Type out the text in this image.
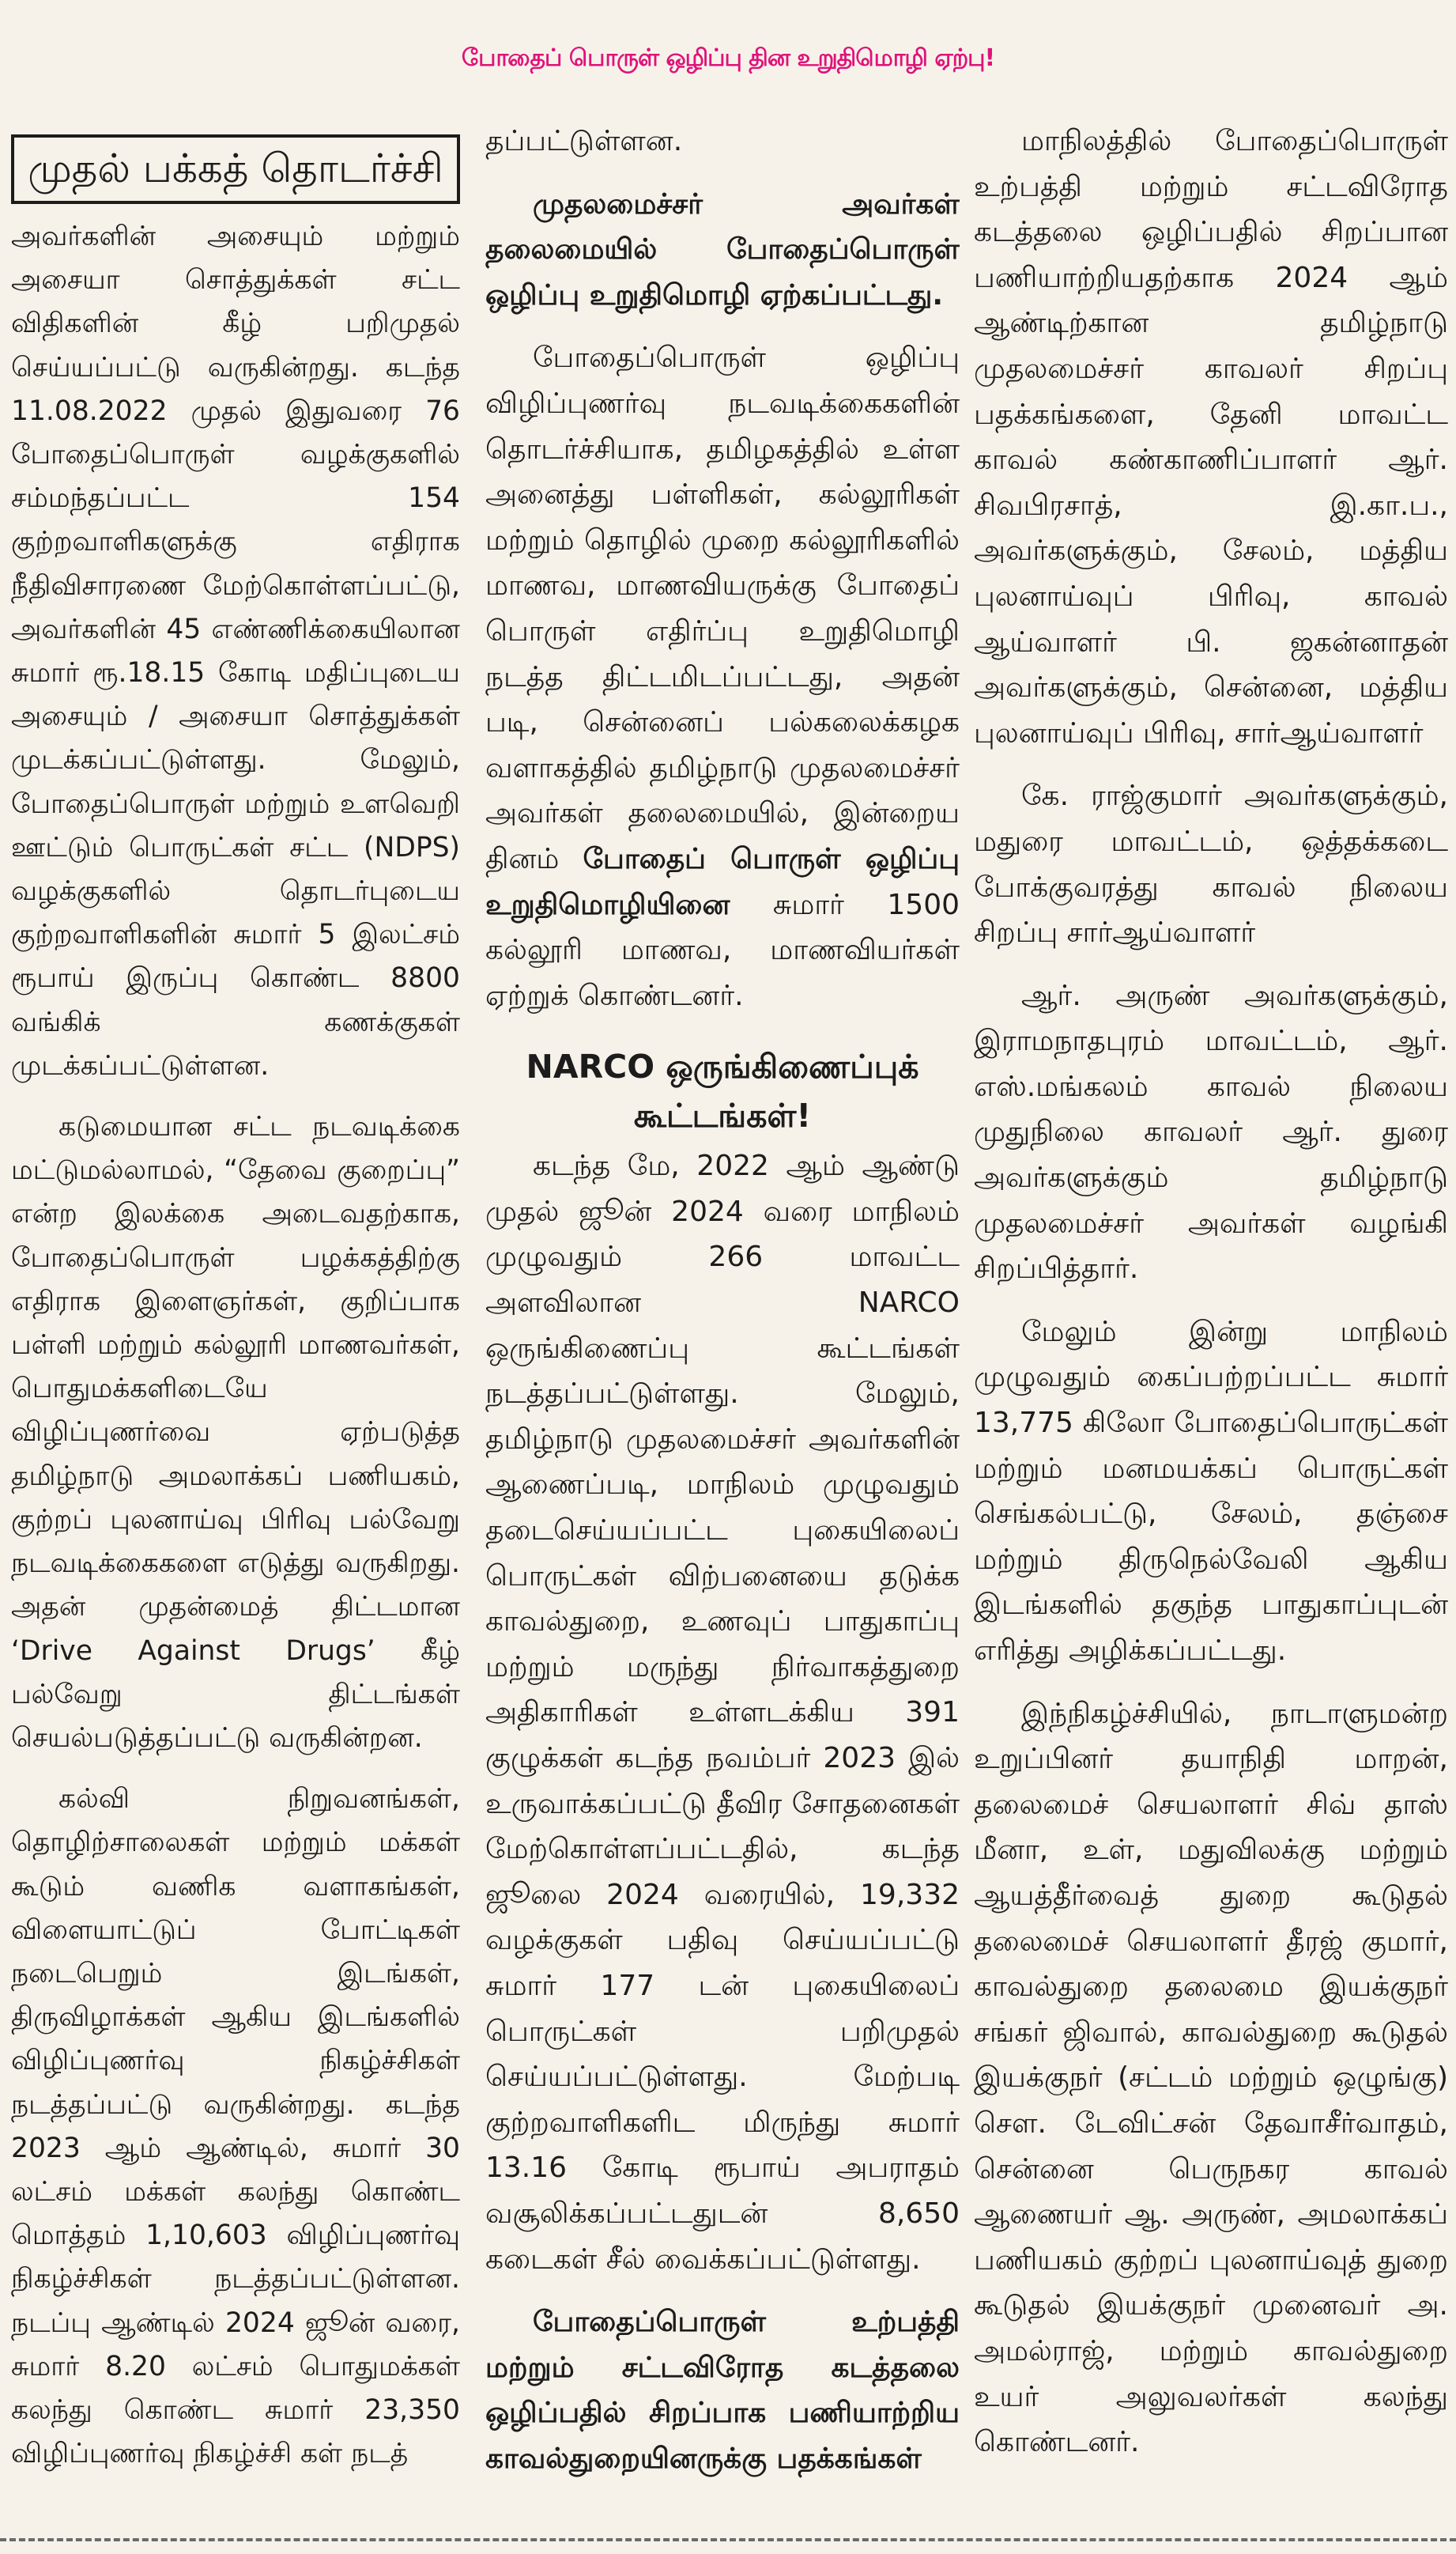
போதைப் பொருள் ஒழிப்பு தின உறுதிமொழி ஏற்பு!
முதல் பக்கத் தொடர்ச்சி

அவர்களின் அசையும் மற்றும் அசையா சொத்துக்கள் சட்ட விதிகளின் கீழ் பறிமுதல் செய்யப்பட்டு வருகின்றது. கடந்த 11.08.2022 முதல் இதுவரை 76 போதைப்பொருள் வழக்குகளில் சம்மந்தப்பட்ட 154 குற்றவாளிகளுக்கு எதிராக நீதிவிசாரணை மேற்கொள்ளப்பட்டு, அவர்களின் 45 எண்ணிக்கையிலான சுமார் ரூ.18.15 கோடி மதிப்புடைய அசையும் / அசையா சொத்துக்கள் முடக்கப்பட்டுள்ளது. மேலும், போதைப்பொருள் மற்றும் உளவெறி ஊட்டும் பொருட்கள் சட்ட (NDPS) வழக்குகளில் தொடர்புடைய குற்றவாளிகளின் சுமார் 5 இலட்சம் ரூபாய் இருப்பு கொண்ட 8800 வங்கிக் கணக்குகள் முடக்கப்பட்டுள்ளன.

கடுமையான சட்ட நடவடிக்கை மட்டுமல்லாமல், “தேவை குறைப்பு” என்ற இலக்கை அடைவதற்காக, போதைப்பொருள் பழக்கத்திற்கு எதிராக இளைஞர்கள், குறிப்பாக பள்ளி மற்றும் கல்லூரி மாணவர்கள், பொதுமக்களிடையே விழிப்புணர்வை ஏற்படுத்த தமிழ்நாடு அமலாக்கப் பணியகம், குற்றப் புலனாய்வு பிரிவு பல்வேறு நடவடிக்கைகளை எடுத்து வருகிறது. அதன் முதன்மைத் திட்டமான ‘Drive Against Drugs’ கீழ் பல்வேறு திட்டங்கள் செயல்படுத்தப்பட்டு வருகின்றன.

கல்வி நிறுவனங்கள், தொழிற்சாலைகள் மற்றும் மக்கள் கூடும் வணிக வளாகங்கள், விளையாட்டுப் போட்டிகள் நடைபெறும் இடங்கள், திருவிழாக்கள் ஆகிய இடங்களில் விழிப்புணர்வு நிகழ்ச்சிகள் நடத்தப்பட்டு வருகின்றது. கடந்த 2023 ஆம் ஆண்டில், சுமார் 30 லட்சம் மக்கள் கலந்து கொண்ட மொத்தம் 1,10,603 விழிப்புணர்வு நிகழ்ச்சிகள் நடத்தப்பட்டுள்ளன. நடப்பு ஆண்டில் 2024 ஜூன் வரை, சுமார் 8.20 லட்சம் பொதுமக்கள் கலந்து கொண்ட சுமார் 23,350 விழிப்புணர்வு நிகழ்ச்சி கள் நடத்

தப்பட்டுள்ளன.

முதலமைச்சர் அவர்கள் தலைமையில் போதைப்பொருள் ஒழிப்பு உறுதிமொழி ஏற்கப்பட்டது.

போதைப்பொருள் ஒழிப்பு விழிப்புணர்வு நடவடிக்கைகளின் தொடர்ச்சியாக, தமிழகத்தில் உள்ள அனைத்து பள்ளிகள், கல்லூரிகள் மற்றும் தொழில் முறை கல்லூரிகளில் மாணவ, மாணவியருக்கு போதைப் பொருள் எதிர்ப்பு உறுதிமொழி நடத்த திட்டமிடப்பட்டது, அதன் படி, சென்னைப் பல்கலைக்கழக வளாகத்தில் தமிழ்நாடு முதலமைச்சர் அவர்கள் தலைமையில், இன்றைய தினம் போதைப் பொருள் ஒழிப்பு உறுதிமொழியினை சுமார் 1500 கல்லூரி மாணவ, மாணவியர்கள் ஏற்றுக் கொண்டனர்.

NARCO ஒருங்கிணைப்புக் கூட்டங்கள்!

கடந்த மே, 2022 ஆம் ஆண்டு முதல் ஜூன் 2024 வரை மாநிலம் முழுவதும் 266 மாவட்ட அளவிலான NARCO ஒருங்கிணைப்பு கூட்டங்கள் நடத்தப்பட்டுள்ளது. மேலும், தமிழ்நாடு முதலமைச்சர் அவர்களின் ஆணைப்படி, மாநிலம் முழுவதும் தடைசெய்யப்பட்ட புகையிலைப் பொருட்கள் விற்பனையை தடுக்க காவல்துறை, உணவுப் பாதுகாப்பு மற்றும் மருந்து நிர்வாகத்துறை அதிகாரிகள் உள்ளடக்கிய 391 குழுக்கள் கடந்த நவம்பர் 2023 இல் உருவாக்கப்பட்டு தீவிர சோதனைகள் மேற்கொள்ளப்பட்டதில், கடந்த ஜூலை 2024 வரையில், 19,332 வழக்குகள் பதிவு செய்யப்பட்டு சுமார் 177 டன் புகையிலைப் பொருட்கள் பறிமுதல் செய்யப்பட்டுள்ளது. மேற்படி குற்றவாளிகளிட மிருந்து சுமார் 13.16 கோடி ரூபாய் அபராதம் வசூலிக்கப்பட்டதுடன் 8,650 கடைகள் சீல் வைக்கப்பட்டுள்ளது.

போதைப்பொருள் உற்பத்தி மற்றும் சட்டவிரோத கடத்தலை ஒழிப்பதில் சிறப்பாக பணியாற்றிய காவல்துறையினருக்கு பதக்கங்கள்

மாநிலத்தில் போதைப்பொருள் உற்பத்தி மற்றும் சட்டவிரோத கடத்தலை ஒழிப்பதில் சிறப்பான பணியாற்றியதற்காக 2024 ஆம் ஆண்டிற்கான தமிழ்நாடு முதலமைச்சர் காவலர் சிறப்பு பதக்கங்களை, தேனி மாவட்ட காவல் கண்காணிப்பாளர் ஆர். சிவபிரசாத், இ.கா.ப., அவர்களுக்கும், சேலம், மத்திய புலனாய்வுப் பிரிவு, காவல் ஆய்வாளர் பி. ஜகன்னாதன் அவர்களுக்கும், சென்னை, மத்திய புலனாய்வுப் பிரிவு, சார்ஆய்வாளர்

கே. ராஜ்குமார் அவர்களுக்கும், மதுரை மாவட்டம், ஒத்தக்கடை போக்குவரத்து காவல் நிலைய சிறப்பு சார்ஆய்வாளர்

ஆர். அருண் அவர்களுக்கும், இராமநாதபுரம் மாவட்டம், ஆர். எஸ்.மங்கலம் காவல் நிலைய முதுநிலை காவலர் ஆர். துரை அவர்களுக்கும் தமிழ்நாடு முதலமைச்சர் அவர்கள் வழங்கி சிறப்பித்தார்.

மேலும் இன்று மாநிலம் முழுவதும் கைப்பற்றப்பட்ட சுமார் 13,775 கிலோ போதைப்பொருட்கள் மற்றும் மனமயக்கப் பொருட்கள் செங்கல்பட்டு, சேலம், தஞ்சை மற்றும் திருநெல்வேலி ஆகிய இடங்களில் தகுந்த பாதுகாப்புடன் எரித்து அழிக்கப்பட்டது.

இந்நிகழ்ச்சியில், நாடாளுமன்ற உறுப்பினர் தயாநிதி மாறன், தலைமைச் செயலாளர் சிவ் தாஸ் மீனா, உள், மதுவிலக்கு மற்றும் ஆயத்தீர்வைத் துறை கூடுதல் தலைமைச் செயலாளர் தீரஜ் குமார், காவல்துறை தலைமை இயக்குநர் சங்கர் ஜிவால், காவல்துறை கூடுதல் இயக்குநர் (சட்டம் மற்றும் ஒழுங்கு) செள. டேவிட்சன் தேவாசீர்வாதம், சென்னை பெருநகர காவல் ஆணையர் ஆ. அருண், அமலாக்கப் பணியகம் குற்றப் புலனாய்வுத் துறை கூடுதல் இயக்குநர் முனைவர் அ. அமல்ராஜ், மற்றும் காவல்துறை உயர் அலுவலர்கள் கலந்து கொண்டனர்.
